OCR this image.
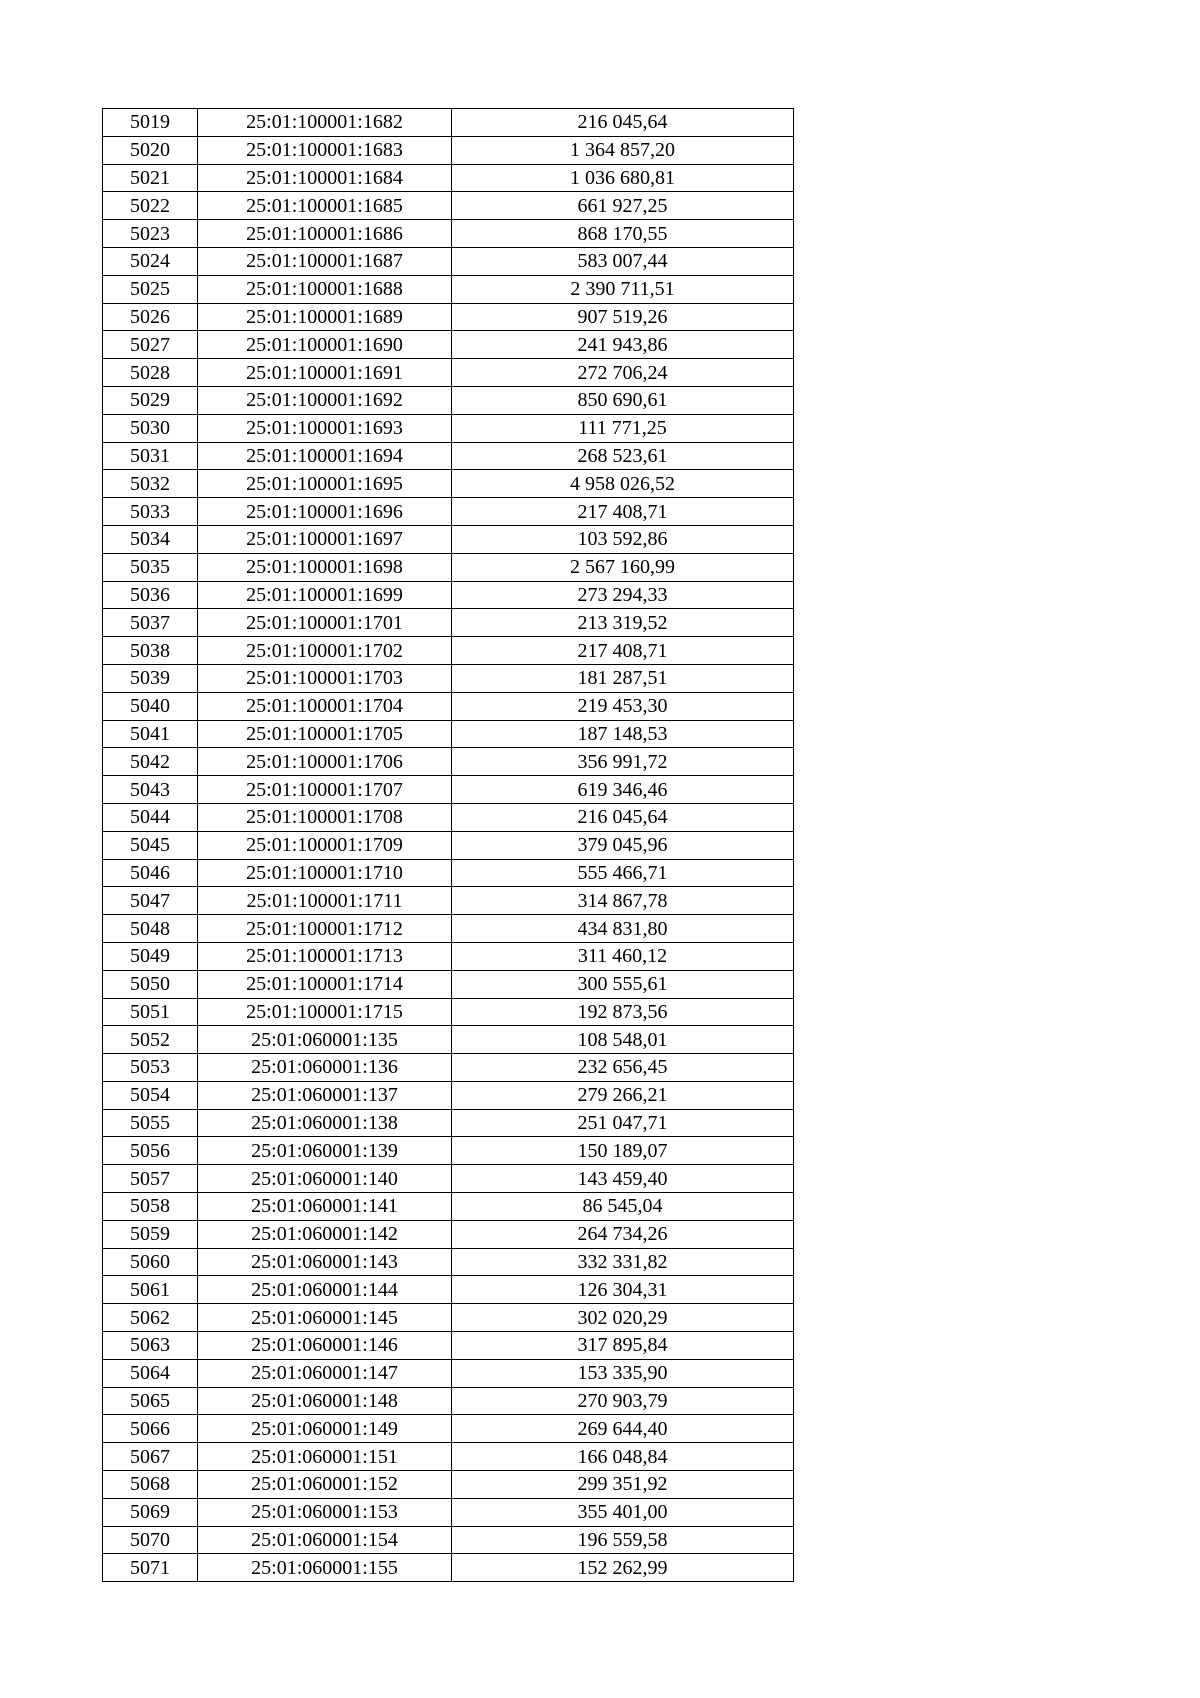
5019	25:01:100001:1682	216 045,64
5020	25:01:100001:1683	1 364 857,20
5021	25:01:100001:1684	1 036 680,81
5022	25:01:100001:1685	661 927,25
5023	25:01:100001:1686	868 170,55
5024	25:01:100001:1687	583 007,44
5025	25:01:100001:1688	2 390 711,51
5026	25:01:100001:1689	907 519,26
5027	25:01:100001:1690	241 943,86
5028	25:01:100001:1691	272 706,24
5029	25:01:100001:1692	850 690,61
5030	25:01:100001:1693	111 771,25
5031	25:01:100001:1694	268 523,61
5032	25:01:100001:1695	4 958 026,52
5033	25:01:100001:1696	217 408,71
5034	25:01:100001:1697	103 592,86
5035	25:01:100001:1698	2 567 160,99
5036	25:01:100001:1699	273 294,33
5037	25:01:100001:1701	213 319,52
5038	25:01:100001:1702	217 408,71
5039	25:01:100001:1703	181 287,51
5040	25:01:100001:1704	219 453,30
5041	25:01:100001:1705	187 148,53
5042	25:01:100001:1706	356 991,72
5043	25:01:100001:1707	619 346,46
5044	25:01:100001:1708	216 045,64
5045	25:01:100001:1709	379 045,96
5046	25:01:100001:1710	555 466,71
5047	25:01:100001:1711	314 867,78
5048	25:01:100001:1712	434 831,80
5049	25:01:100001:1713	311 460,12
5050	25:01:100001:1714	300 555,61
5051	25:01:100001:1715	192 873,56
5052	25:01:060001:135	108 548,01
5053	25:01:060001:136	232 656,45
5054	25:01:060001:137	279 266,21
5055	25:01:060001:138	251 047,71
5056	25:01:060001:139	150 189,07
5057	25:01:060001:140	143 459,40
5058	25:01:060001:141	86 545,04
5059	25:01:060001:142	264 734,26
5060	25:01:060001:143	332 331,82
5061	25:01:060001:144	126 304,31
5062	25:01:060001:145	302 020,29
5063	25:01:060001:146	317 895,84
5064	25:01:060001:147	153 335,90
5065	25:01:060001:148	270 903,79
5066	25:01:060001:149	269 644,40
5067	25:01:060001:151	166 048,84
5068	25:01:060001:152	299 351,92
5069	25:01:060001:153	355 401,00
5070	25:01:060001:154	196 559,58
5071	25:01:060001:155	152 262,99
